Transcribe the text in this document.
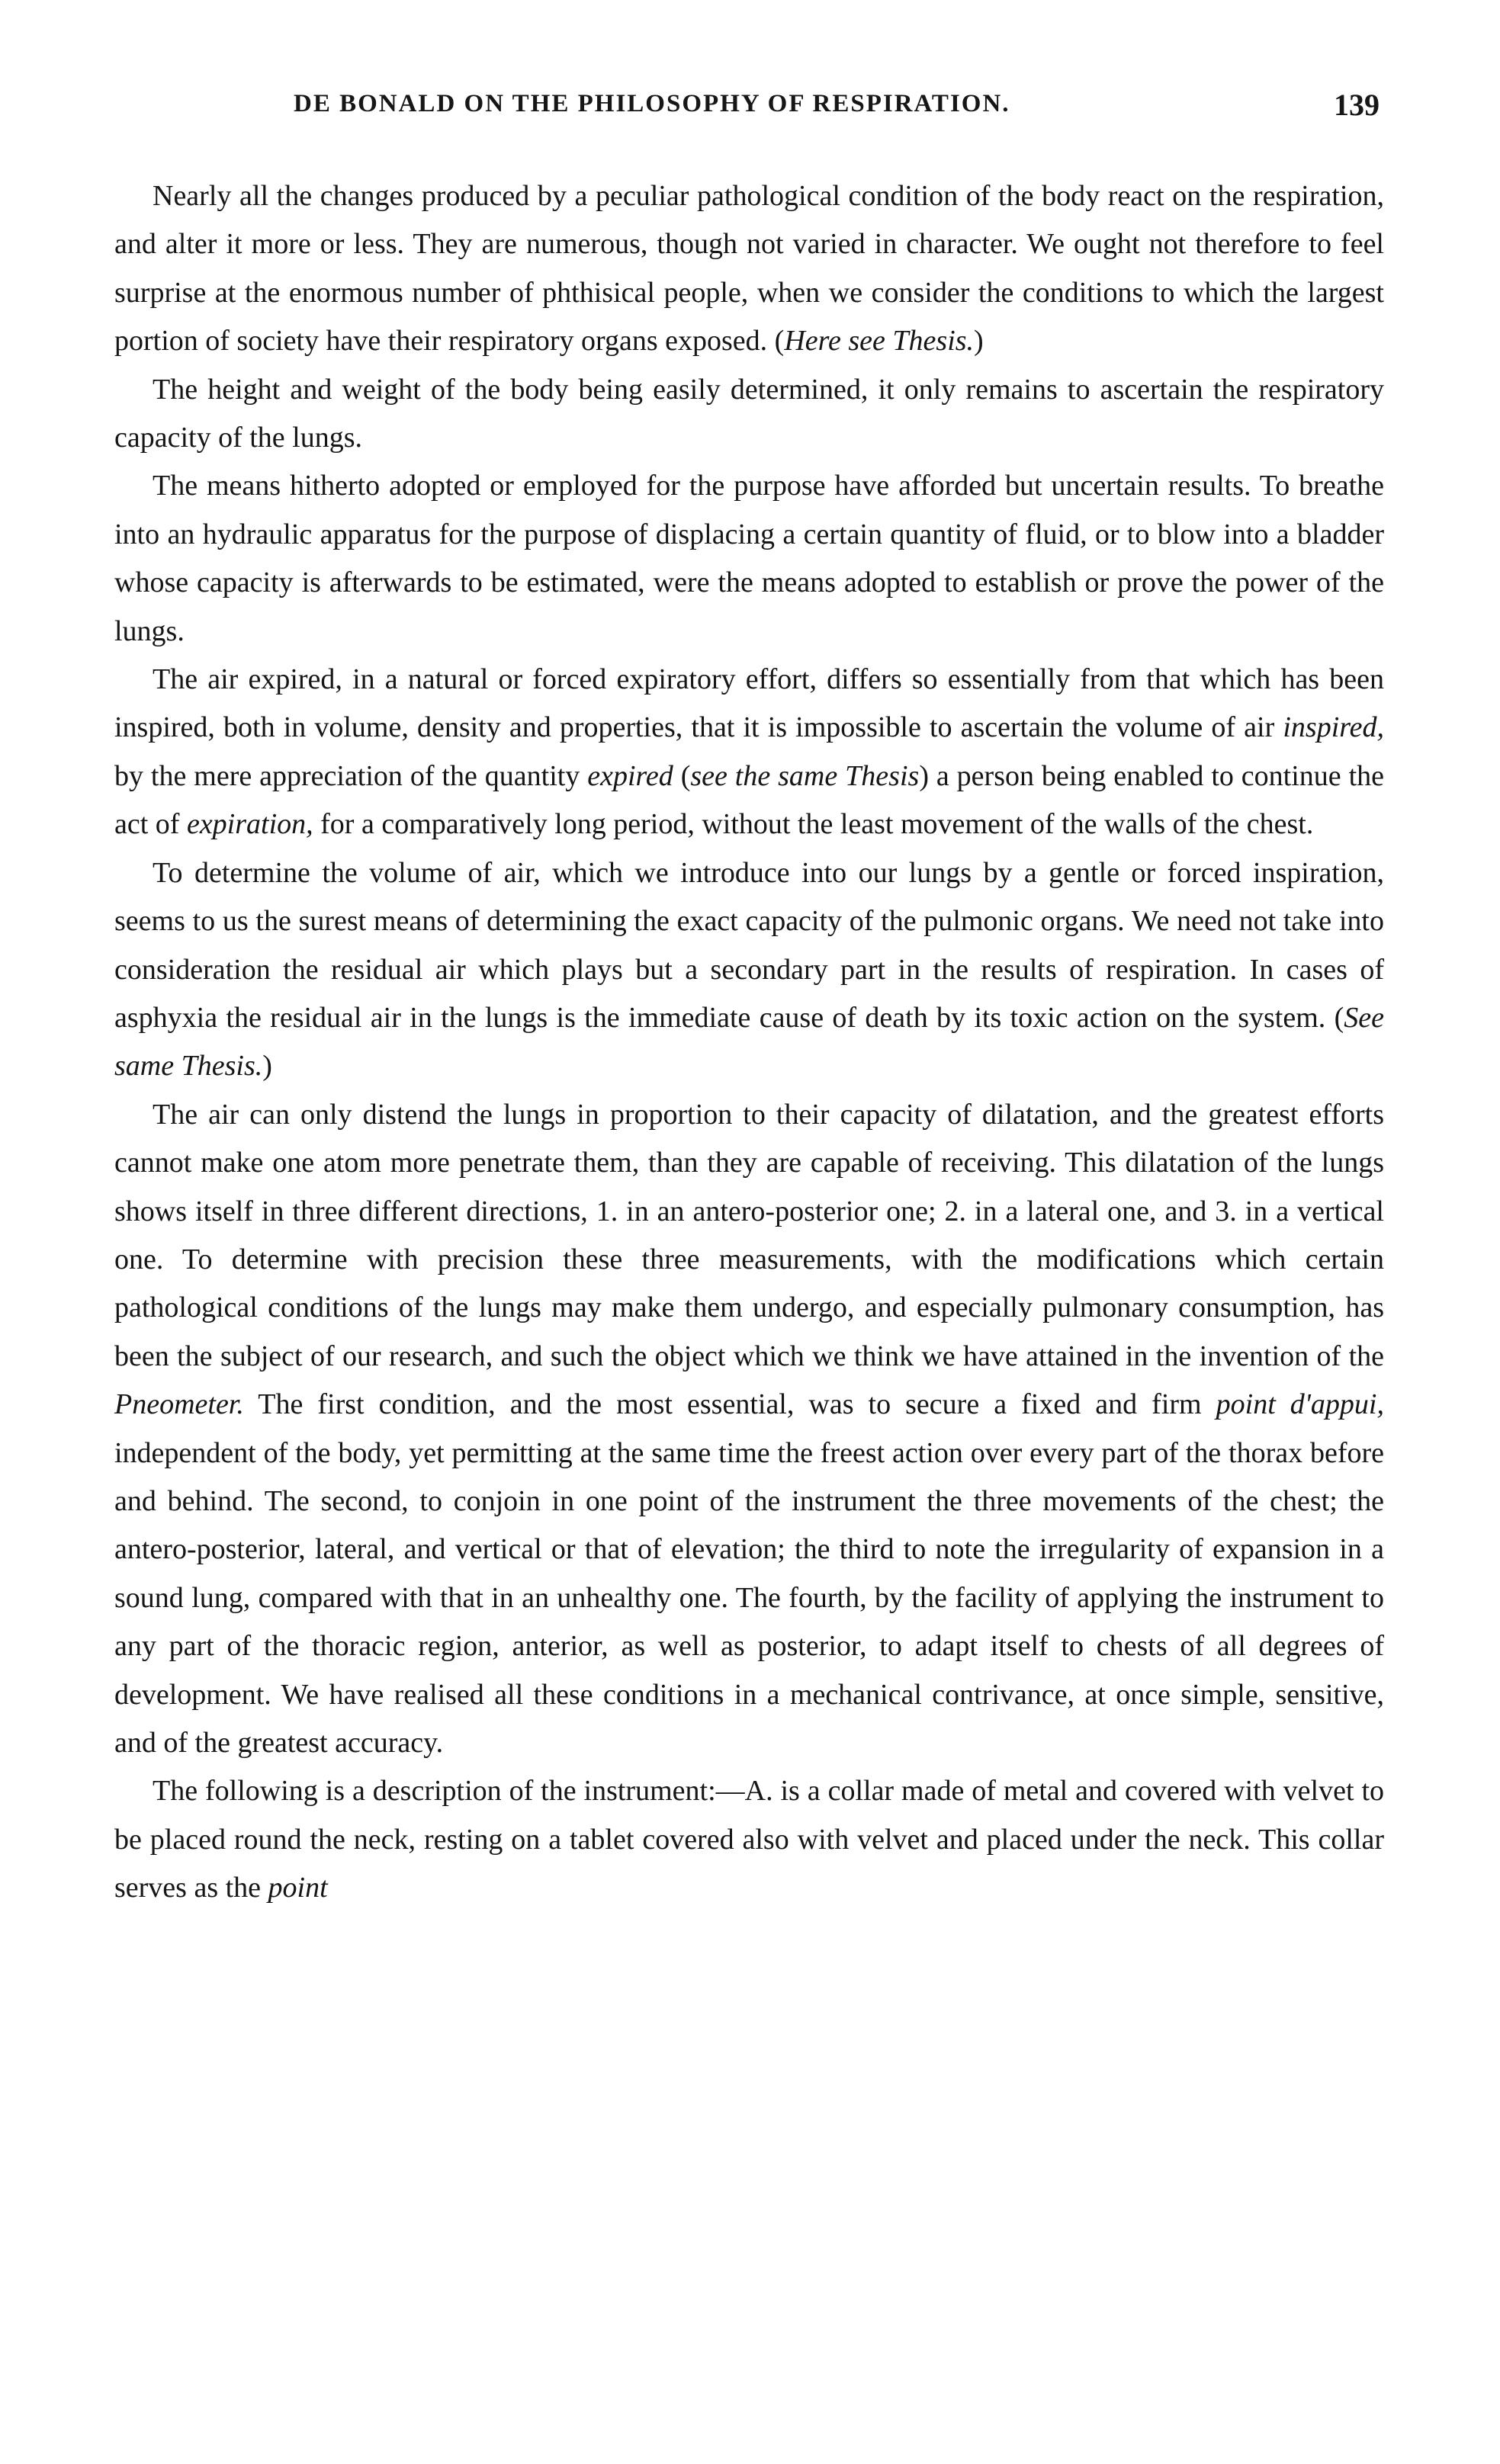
DE BONALD ON THE PHILOSOPHY OF RESPIRATION.	139

Nearly all the changes produced by a peculiar pathological condition of the body react on the respiration, and alter it more or less. They are numerous, though not varied in character. We ought not therefore to feel surprise at the enormous number of phthisical people, when we consider the conditions to which the largest portion of society have their respiratory organs exposed. (Here see Thesis.)

The height and weight of the body being easily determined, it only remains to ascertain the respiratory capacity of the lungs.

The means hitherto adopted or employed for the purpose have afforded but uncertain results. To breathe into an hydraulic apparatus for the purpose of displacing a certain quantity of fluid, or to blow into a bladder whose capacity is afterwards to be estimated, were the means adopted to establish or prove the power of the lungs.

The air expired, in a natural or forced expiratory effort, differs so essentially from that which has been inspired, both in volume, density and properties, that it is impossible to ascertain the volume of air inspired, by the mere appreciation of the quantity expired (see the same Thesis) a person being enabled to continue the act of expiration, for a comparatively long period, without the least movement of the walls of the chest.

To determine the volume of air, which we introduce into our lungs by a gentle or forced inspiration, seems to us the surest means of determining the exact capacity of the pulmonic organs. We need not take into consideration the residual air which plays but a secondary part in the results of respiration. In cases of asphyxia the residual air in the lungs is the immediate cause of death by its toxic action on the system. (See same Thesis.)

The air can only distend the lungs in proportion to their capacity of dilatation, and the greatest efforts cannot make one atom more penetrate them, than they are capable of receiving. This dilatation of the lungs shows itself in three different directions, 1. in an antero-posterior one; 2. in a lateral one, and 3. in a vertical one. To determine with precision these three measurements, with the modifications which certain pathological conditions of the lungs may make them undergo, and especially pulmonary consumption, has been the subject of our research, and such the object which we think we have attained in the invention of the Pneometer. The first condition, and the most essential, was to secure a fixed and firm point d'appui, independent of the body, yet permitting at the same time the freest action over every part of the thorax before and behind. The second, to conjoin in one point of the instrument the three movements of the chest; the antero-posterior, lateral, and vertical or that of elevation; the third to note the irregularity of expansion in a sound lung, compared with that in an unhealthy one. The fourth, by the facility of applying the instrument to any part of the thoracic region, anterior, as well as posterior, to adapt itself to chests of all degrees of development. We have realised all these conditions in a mechanical contrivance, at once simple, sensitive, and of the greatest accuracy.

The following is a description of the instrument:—A. is a collar made of metal and covered with velvet to be placed round the neck, resting on a tablet covered also with velvet and placed under the neck. This collar serves as the point
